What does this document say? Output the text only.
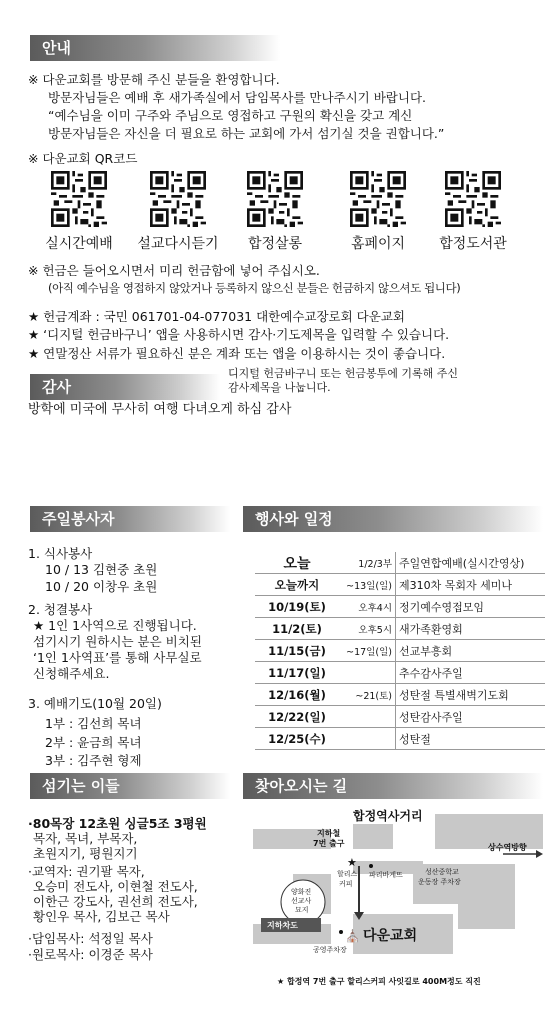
안내
※ 다운교회를 방문해 주신 분들을 환영합니다.
방문자님들은 예배 후 새가족실에서 담임목사를 만나주시기 바랍니다.
“예수님을 이미 구주와 주님으로 영접하고 구원의 확신을 갖고 계신
방문자님들은 자신을 더 필요로 하는 교회에 가서 섬기실 것을 권합니다.”
※ 다운교회 QR코드
실시간예배	설교다시듣기	합정살롱	홈페이지	합정도서관
※ 헌금은 들어오시면서 미리 헌금함에 넣어 주십시오.
(아직 예수님을 영접하지 않았거나 등록하지 않으신 분들은 헌금하지 않으셔도 됩니다)
★ 헌금계좌 : 국민 061701-04-077031 대한예수교장로회 다운교회
★ ‘디지털 헌금바구니’ 앱을 사용하시면 감사·기도제목을 입력할 수 있습니다.
★ 연말정산 서류가 필요하신 분은 계좌 또는 앱을 이용하시는 것이 좋습니다.
감사
디지털 헌금바구니 또는 헌금봉투에 기록해 주신
감사제목을 나눕니다.
방학에 미국에 무사히 여행 다녀오게 하심 감사
주일봉사자
1. 식사봉사
10 / 13 김현중 초원
10 / 20 이창우 초원
2. 청결봉사
★ 1인 1사역으로 진행됩니다.
섬기시기 원하시는 분은 비치된
‘1인 1사역표’를 통해 사무실로
신청해주세요.
3. 예배기도(10월 20일)
1부 : 김선희 목녀
2부 : 윤금희 목녀
3부 : 김주현 형제
행사와 일정
오늘	1/2/3부	주일연합예배(실시간영상)
오늘까지	~13일(일)	제310차 목회자 세미나
10/19(토)	오후4시	정기예수영접모임
11/2(토)	오후5시	새가족환영회
11/15(금)	~17일(일)	선교부흥회
11/17(일)		추수감사주일
12/16(월)	~21(토)	성탄절 특별새벽기도회
12/22(일)		성탄감사주일
12/25(수)		성탄절
섬기는 이들
·80목장 12초원 싱글5조 3평원
목자, 목녀, 부목자,
초원지기, 평원지기
·교역자: 권기팔 목자,
오승미 전도사, 이현철 전도사,
이한근 강도사, 권선희 전도사,
황인우 목사, 김보근 목사
·담임목사: 석정일 목사
·원로목사: 이경준 목사
찾아오시는 길
★
⛪
합정역사거리
지하철
7번 출구	상수역방향
파리바게뜨	성산중학교
운동장 주차장
할리스
커피
양화진
선교사
묘지
지하차도
공영주차장
다운교회
★ 합정역 7번 출구 할리스커피 사잇길로 400M정도 직진
